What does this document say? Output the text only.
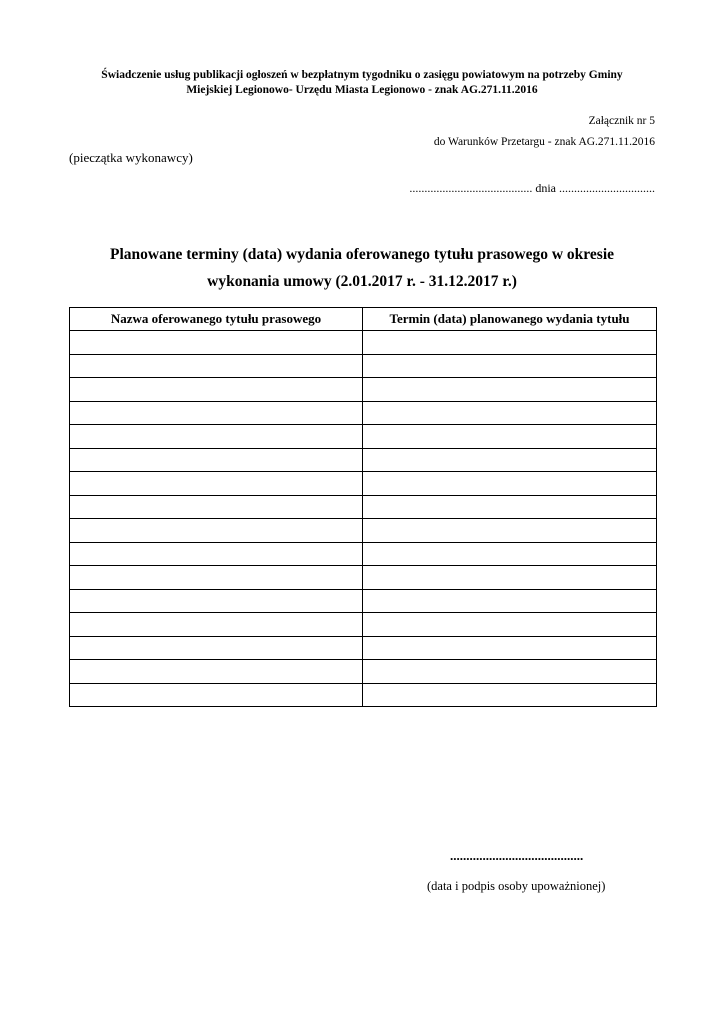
Świadczenie usług publikacji ogłoszeń w bezpłatnym tygodniku o zasięgu powiatowym na potrzeby Gminy
Miejskiej Legionowo- Urzędu Miasta Legionowo - znak AG.271.11.2016
Załącznik nr 5
do Warunków Przetargu - znak AG.271.11.2016
(pieczątka wykonawcy)
......................................... dnia ................................
Planowane terminy (data) wydania oferowanego tytułu prasowego w okresie
wykonania umowy (2.01.2017 r. - 31.12.2017 r.)
Nazwa oferowanego tytułu prasowego	Termin (data) planowanego wydania tytułu

.........................................
(data i podpis osoby upoważnionej)
